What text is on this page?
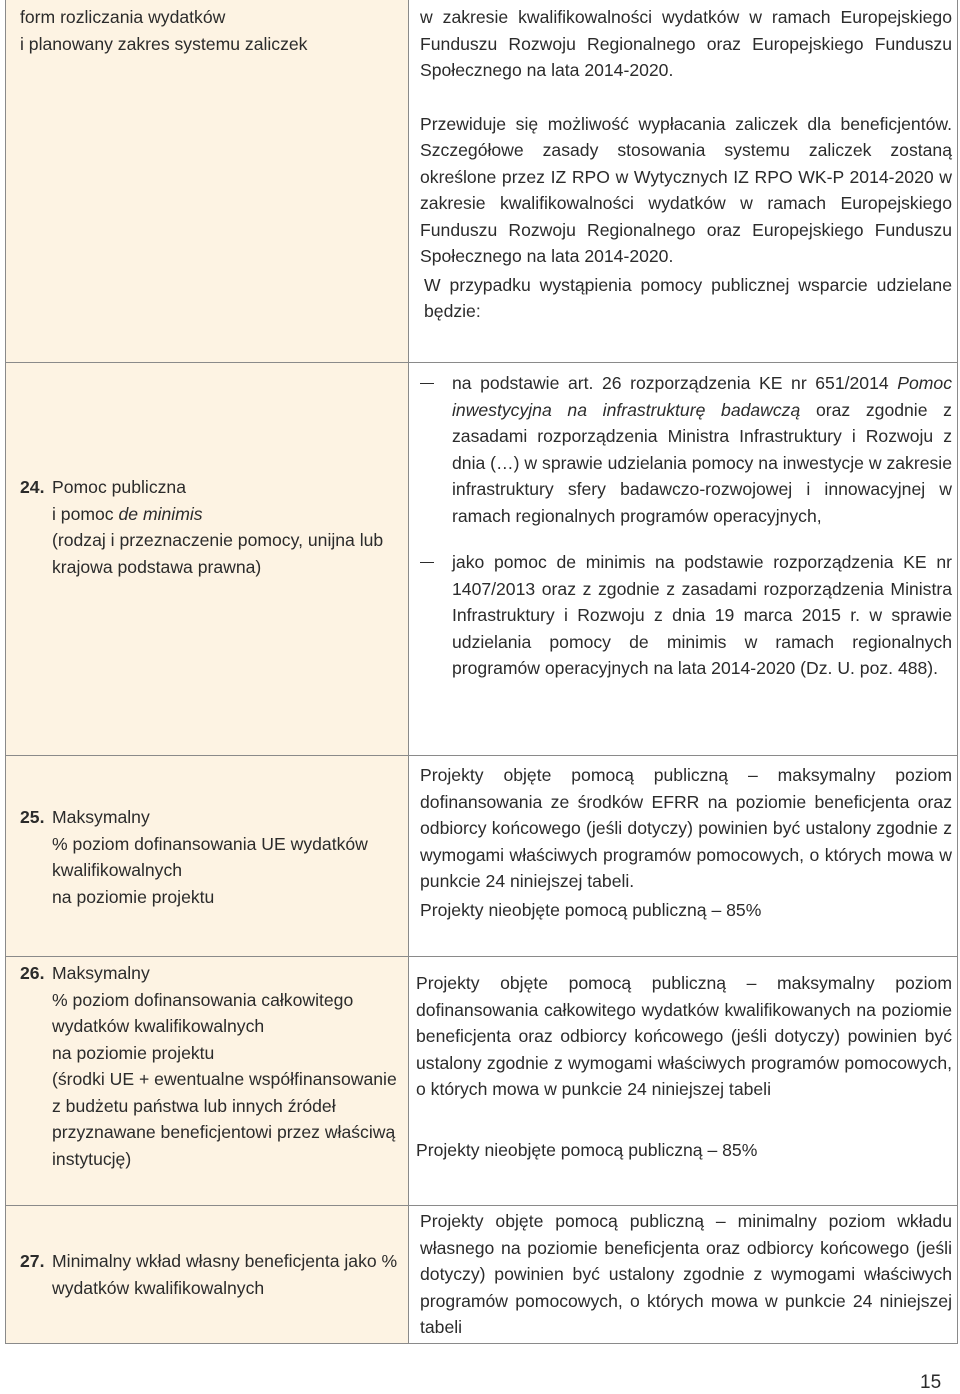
form rozliczania wydatków
i planowany zakres systemu zaliczek

w zakresie kwalifikowalności wydatków w ramach Europejskiego Funduszu Rozwoju Regionalnego oraz Europejskiego Funduszu Społecznego na lata 2014-2020.

Przewiduje się możliwość wypłacania zaliczek dla beneficjentów. Szczegółowe zasady stosowania systemu zaliczek zostaną określone przez IZ RPO w Wytycznych IZ RPO WK-P 2014-2020 w zakresie kwalifikowalności wydatków w ramach Europejskiego Funduszu Rozwoju Regionalnego oraz Europejskiego Funduszu Społecznego na lata 2014-2020.

W przypadku wystąpienia pomocy publicznej wsparcie udzielane będzie:

24. Pomoc publiczna
i pomoc de minimis
(rodzaj i przeznaczenie pomocy, unijna lub krajowa podstawa prawna)
na podstawie art. 26 rozporządzenia KE nr 651/2014 Pomoc inwestycyjna na infrastrukturę badawczą oraz zgodnie z zasadami rozporządzenia Ministra Infrastruktury i Rozwoju z dnia (…) w sprawie udzielania pomocy na inwestycje w zakresie infrastruktury sfery badawczo-rozwojowej i innowacyjnej w ramach regionalnych programów operacyjnych,
jako pomoc de minimis na podstawie rozporządzenia KE nr 1407/2013 oraz z zgodnie z zasadami rozporządzenia Ministra Infrastruktury i Rozwoju z dnia 19 marca 2015 r. w sprawie udzielania pomocy de minimis w ramach regionalnych programów operacyjnych na lata 2014-2020 (Dz. U. poz. 488).
25. Maksymalny
% poziom dofinansowania UE wydatków kwalifikowalnych
na poziomie projektu

Projekty objęte pomocą publiczną – maksymalny poziom dofinansowania ze środków EFRR na poziomie beneficjenta oraz odbiorcy końcowego (jeśli dotyczy) powinien być ustalony zgodnie z wymogami właściwych programów pomocowych, o których mowa w punkcie 24 niniejszej tabeli.

Projekty nieobjęte pomocą publiczną – 85%

26. Maksymalny
% poziom dofinansowania całkowitego wydatków kwalifikowalnych
na poziomie projektu
(środki UE + ewentualne współfinansowanie z budżetu państwa lub innych źródeł przyznawane beneficjentowi przez właściwą instytucję)

Projekty objęte pomocą publiczną – maksymalny poziom dofinansowania całkowitego wydatków kwalifikowanych na poziomie beneficjenta oraz odbiorcy końcowego (jeśli dotyczy) powinien być ustalony zgodnie z wymogami właściwych programów pomocowych, o których mowa w punkcie 24 niniejszej tabeli

Projekty nieobjęte pomocą publiczną – 85%

27. Minimalny wkład własny beneficjenta jako % wydatków kwalifikowalnych

Projekty objęte pomocą publiczną – minimalny poziom wkładu własnego na poziomie beneficjenta oraz odbiorcy końcowego (jeśli dotyczy) powinien być ustalony zgodnie z wymogami właściwych programów pomocowych, o których mowa w punkcie 24 niniejszej tabeli

15
